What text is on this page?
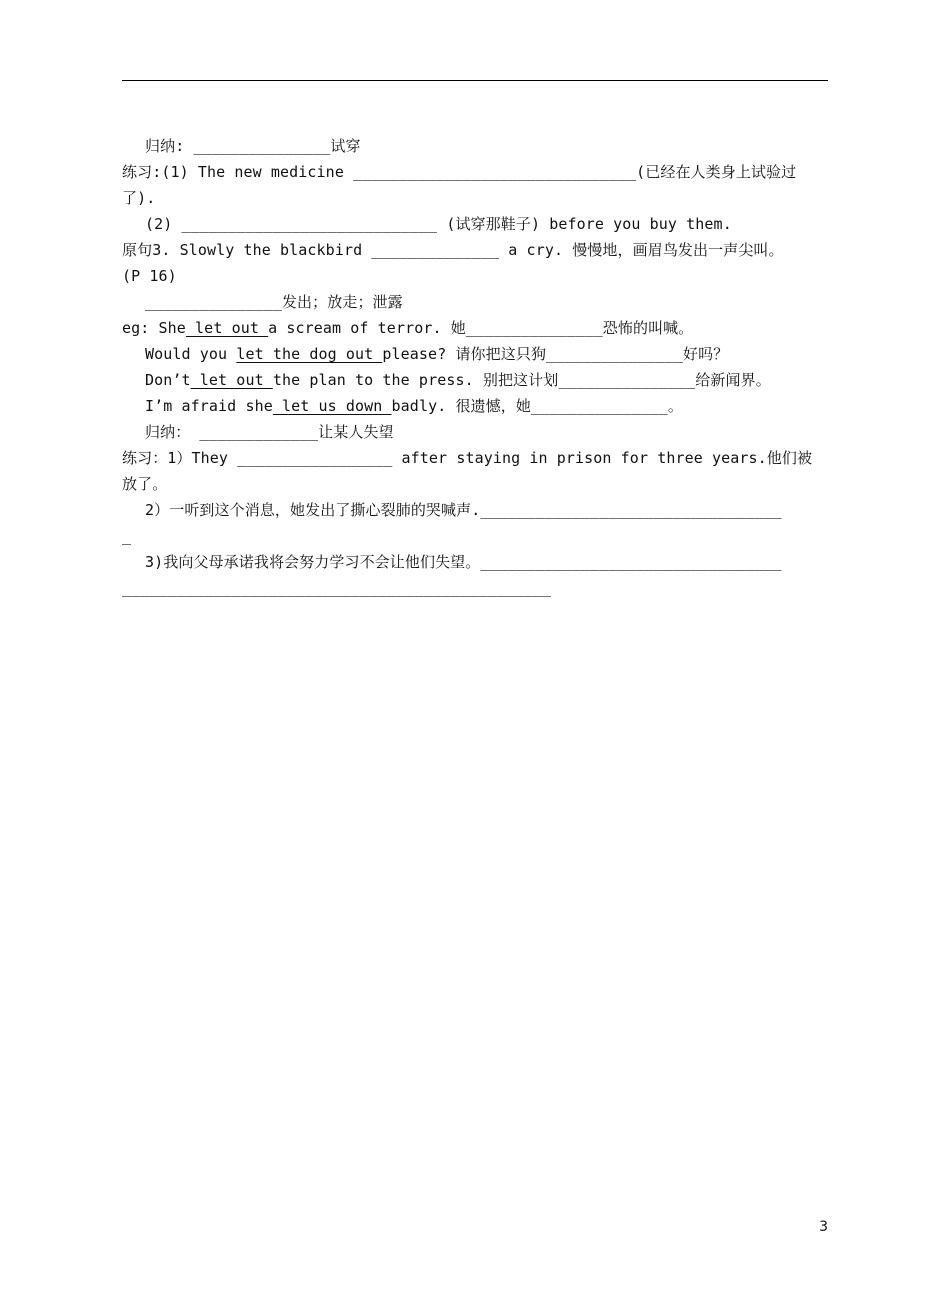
归纳: _______________试穿
练习:(1) The new medicine _______________________________(已经在人类身上试验过
了).
(2) ____________________________ (试穿那鞋子) before you buy them.
原句3. Slowly the blackbird ______________ a cry. 慢慢地，画眉鸟发出一声尖叫。
(P 16)
_______________发出；放走；泄露
eg: She let out a scream of terror. 她_______________恐怖的叫喊。
Would you let the dog out please? 请你把这只狗_______________好吗？
Don’t let out the plan to the press. 别把这计划_______________给新闻界。
I’m afraid she let us down badly. 很遗憾，她_______________。
归纳： _____________让某人失望
练习：1）They _________________ after staying in prison for three years.他们被
放了。
2）一听到这个消息，她发出了撕心裂肺的哭喊声._________________________________
_
3)我向父母承诺我将会努力学习不会让他们失望。_________________________________
_______________________________________________
3
